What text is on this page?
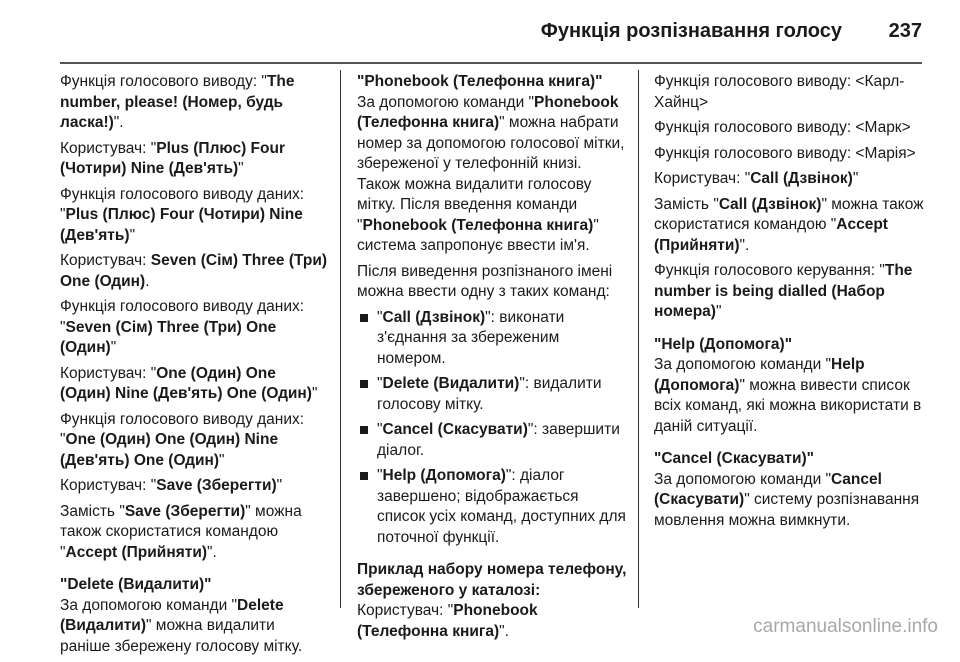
Функція розпізнавання голосу 237

Функція голосового виводу: "The number, please! (Номер, будь ласка!)".

Користувач: "Plus (Плюс) Four (Чотири) Nine (Дев'ять)"

Функція голосового виводу даних: "Plus (Плюс) Four (Чотири) Nine (Дев'ять)"

Користувач: Seven (Сім) Three (Три) One (Один).

Функція голосового виводу даних: "Seven (Сім) Three (Три) One (Один)"

Користувач: "One (Один) One (Один) Nine (Дев'ять) One (Один)"

Функція голосового виводу даних: "One (Один) One (Один) Nine (Дев'ять) One (Один)"

Користувач: "Save (Зберегти)"

Замість "Save (Зберегти)" можна також скористатися командою "Accept (Прийняти)".

"Delete (Видалити)"

За допомогою команди "Delete (Видалити)" можна видалити раніше збережену голосову мітку.

"Phonebook (Телефонна книга)"

За допомогою команди "Phonebook (Телефонна книга)" можна набрати номер за допомогою голосової мітки, збереженої у телефонній книзі. Також можна видалити голосову мітку. Після введення команди "Phonebook (Телефонна книга)" система запропонує ввести ім'я.

Після виведення розпізнаного імені можна ввести одну з таких команд:

"Call (Дзвінок)": виконати з'єднання за збереженим номером.
"Delete (Видалити)": видалити голосову мітку.
"Cancel (Скасувати)": завершити діалог.
"Help (Допомога)": діалог завершено; відображається список усіх команд, доступних для поточної функції.

Приклад набору номера телефону, збереженого у каталозі:

Користувач: "Phonebook (Телефонна книга)".

Функція голосового виводу: <Карл-Хайнц>

Функція голосового виводу: <Марк>

Функція голосового виводу: <Марія>

Користувач: "Call (Дзвінок)"

Замість "Call (Дзвінок)" можна також скористатися командою "Accept (Прийняти)".

Функція голосового керування: "The number is being dialled (Набор номера)"

"Help (Допомога)"

За допомогою команди "Help (Допомога)" можна вивести список всіх команд, які можна використати в даній ситуації.

"Cancel (Скасувати)"

За допомогою команди "Cancel (Скасувати)" систему розпізнавання мовлення можна вимкнути.

carmanualsonline.info
